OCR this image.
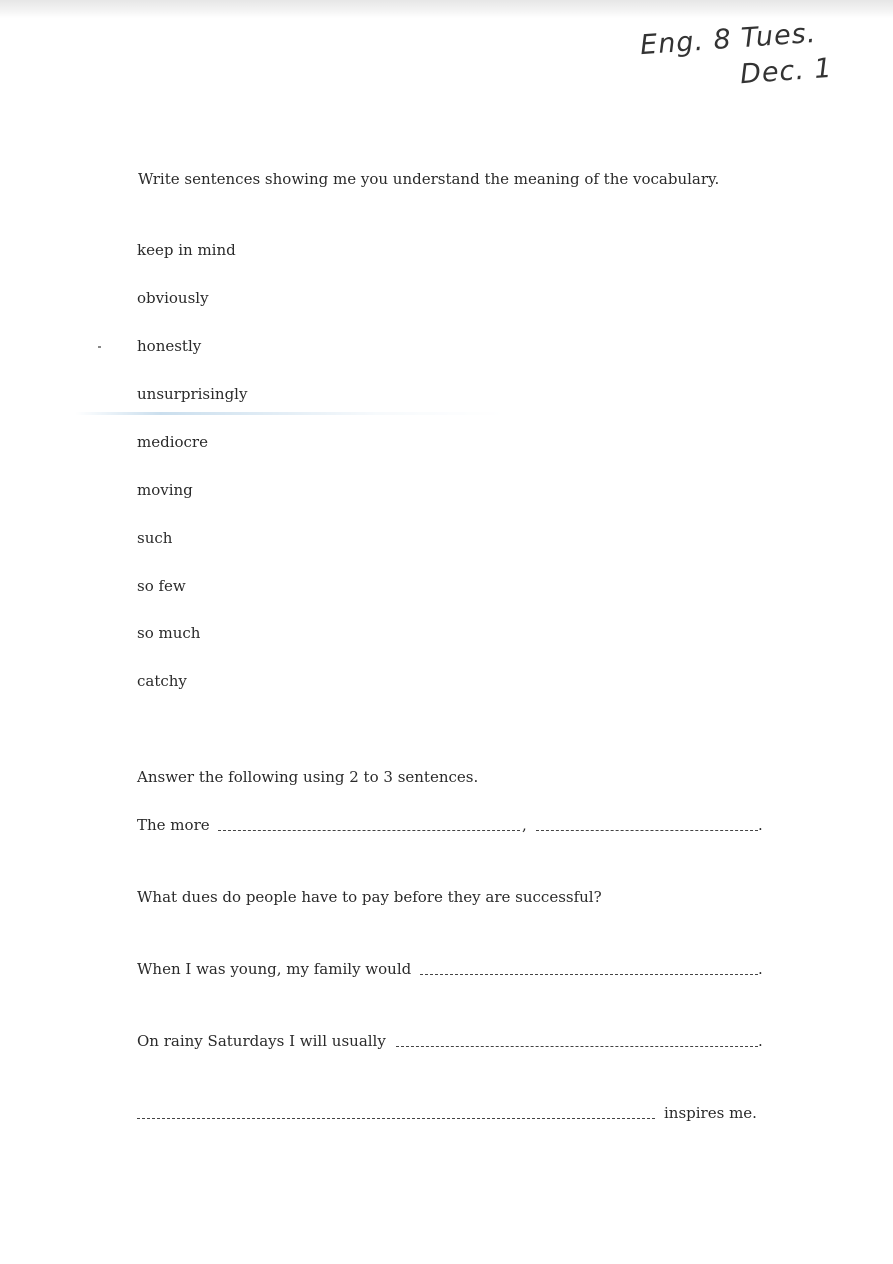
Eng. 8 Tues.
Dec. 1
Write sentences showing me you understand the meaning of the vocabulary.
keep in mind
obviously
honestly
unsurprisingly
mediocre
moving
such
so few
so much
catchy
Answer the following using 2 to 3 sentences.
The more	,	.
What dues do people have to pay before they are successful?
When I was young, my family would	.
On rainy Saturdays I will usually	.
inspires me.
